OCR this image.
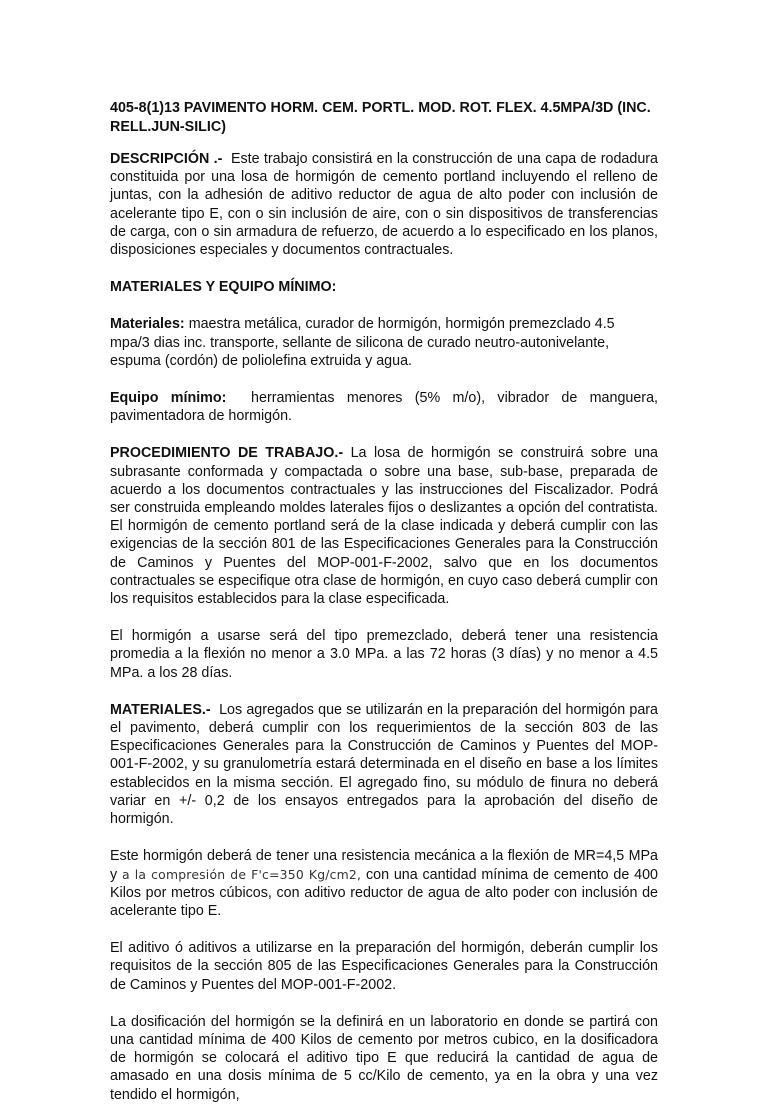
405-8(1)13 PAVIMENTO HORM. CEM. PORTL. MOD. ROT. FLEX. 4.5MPA/3D (INC. RELL.JUN-SILIC)

DESCRIPCIÓN .- Este trabajo consistirá en la construcción de una capa de rodadura constituida por una losa de hormigón de cemento portland incluyendo el relleno de juntas, con la adhesión de aditivo reductor de agua de alto poder con inclusión de acelerante tipo E, con o sin inclusión de aire, con o sin dispositivos de transferencias de carga, con o sin armadura de refuerzo, de acuerdo a lo especificado en los planos, disposiciones especiales y documentos contractuales.

MATERIALES Y EQUIPO MÍNIMO:

Materiales: maestra metálica, curador de hormigón, hormigón premezclado 4.5 mpa/3 dias inc. transporte, sellante de silicona de curado neutro-autonivelante, espuma (cordón) de poliolefina extruida y agua.

Equipo mínimo: herramientas menores (5% m/o), vibrador de manguera, pavimentadora de hormigón.

PROCEDIMIENTO DE TRABAJO.- La losa de hormigón se construirá sobre una subrasante conformada y compactada o sobre una base, sub-base, preparada de acuerdo a los documentos contractuales y las instrucciones del Fiscalizador. Podrá ser construida empleando moldes laterales fijos o deslizantes a opción del contratista. El hormigón de cemento portland será de la clase indicada y deberá cumplir con las exigencias de la sección 801 de las Especificaciones Generales para la Construcción de Caminos y Puentes del MOP-001-F-2002, salvo que en los documentos contractuales se especifique otra clase de hormigón, en cuyo caso deberá cumplir con los requisitos establecidos para la clase especificada.

El hormigón a usarse será del tipo premezclado, deberá tener una resistencia promedia a la flexión no menor a 3.0 MPa. a las 72 horas (3 días) y no menor a 4.5 MPa. a los 28 días.

MATERIALES.- Los agregados que se utilizarán en la preparación del hormigón para el pavimento, deberá cumplir con los requerimientos de la sección 803 de las Especificaciones Generales para la Construcción de Caminos y Puentes del MOP-001-F-2002, y su granulometría estará determinada en el diseño en base a los límites establecidos en la misma sección. El agregado fino, su módulo de finura no deberá variar en +/- 0,2 de los ensayos entregados para la aprobación del diseño de hormigón.

Este hormigón deberá de tener una resistencia mecánica a la flexión de MR=4,5 MPa y a la compresión de F'c=350 Kg/cm2, con una cantidad mínima de cemento de 400 Kilos por metros cúbicos, con aditivo reductor de agua de alto poder con inclusión de acelerante tipo E.

El aditivo ó aditivos a utilizarse en la preparación del hormigón, deberán cumplir los requisitos de la sección 805 de las Especificaciones Generales para la Construcción de Caminos y Puentes del MOP-001-F-2002.

La dosificación del hormigón se la definirá en un laboratorio en donde se partirá con una cantidad mínima de 400 Kilos de cemento por metros cubico, en la dosificadora de hormigón se colocará el aditivo tipo E que reducirá la cantidad de agua de amasado en una dosis mínima de 5 cc/Kilo de cemento, ya en la obra y una vez tendido el hormigón,
